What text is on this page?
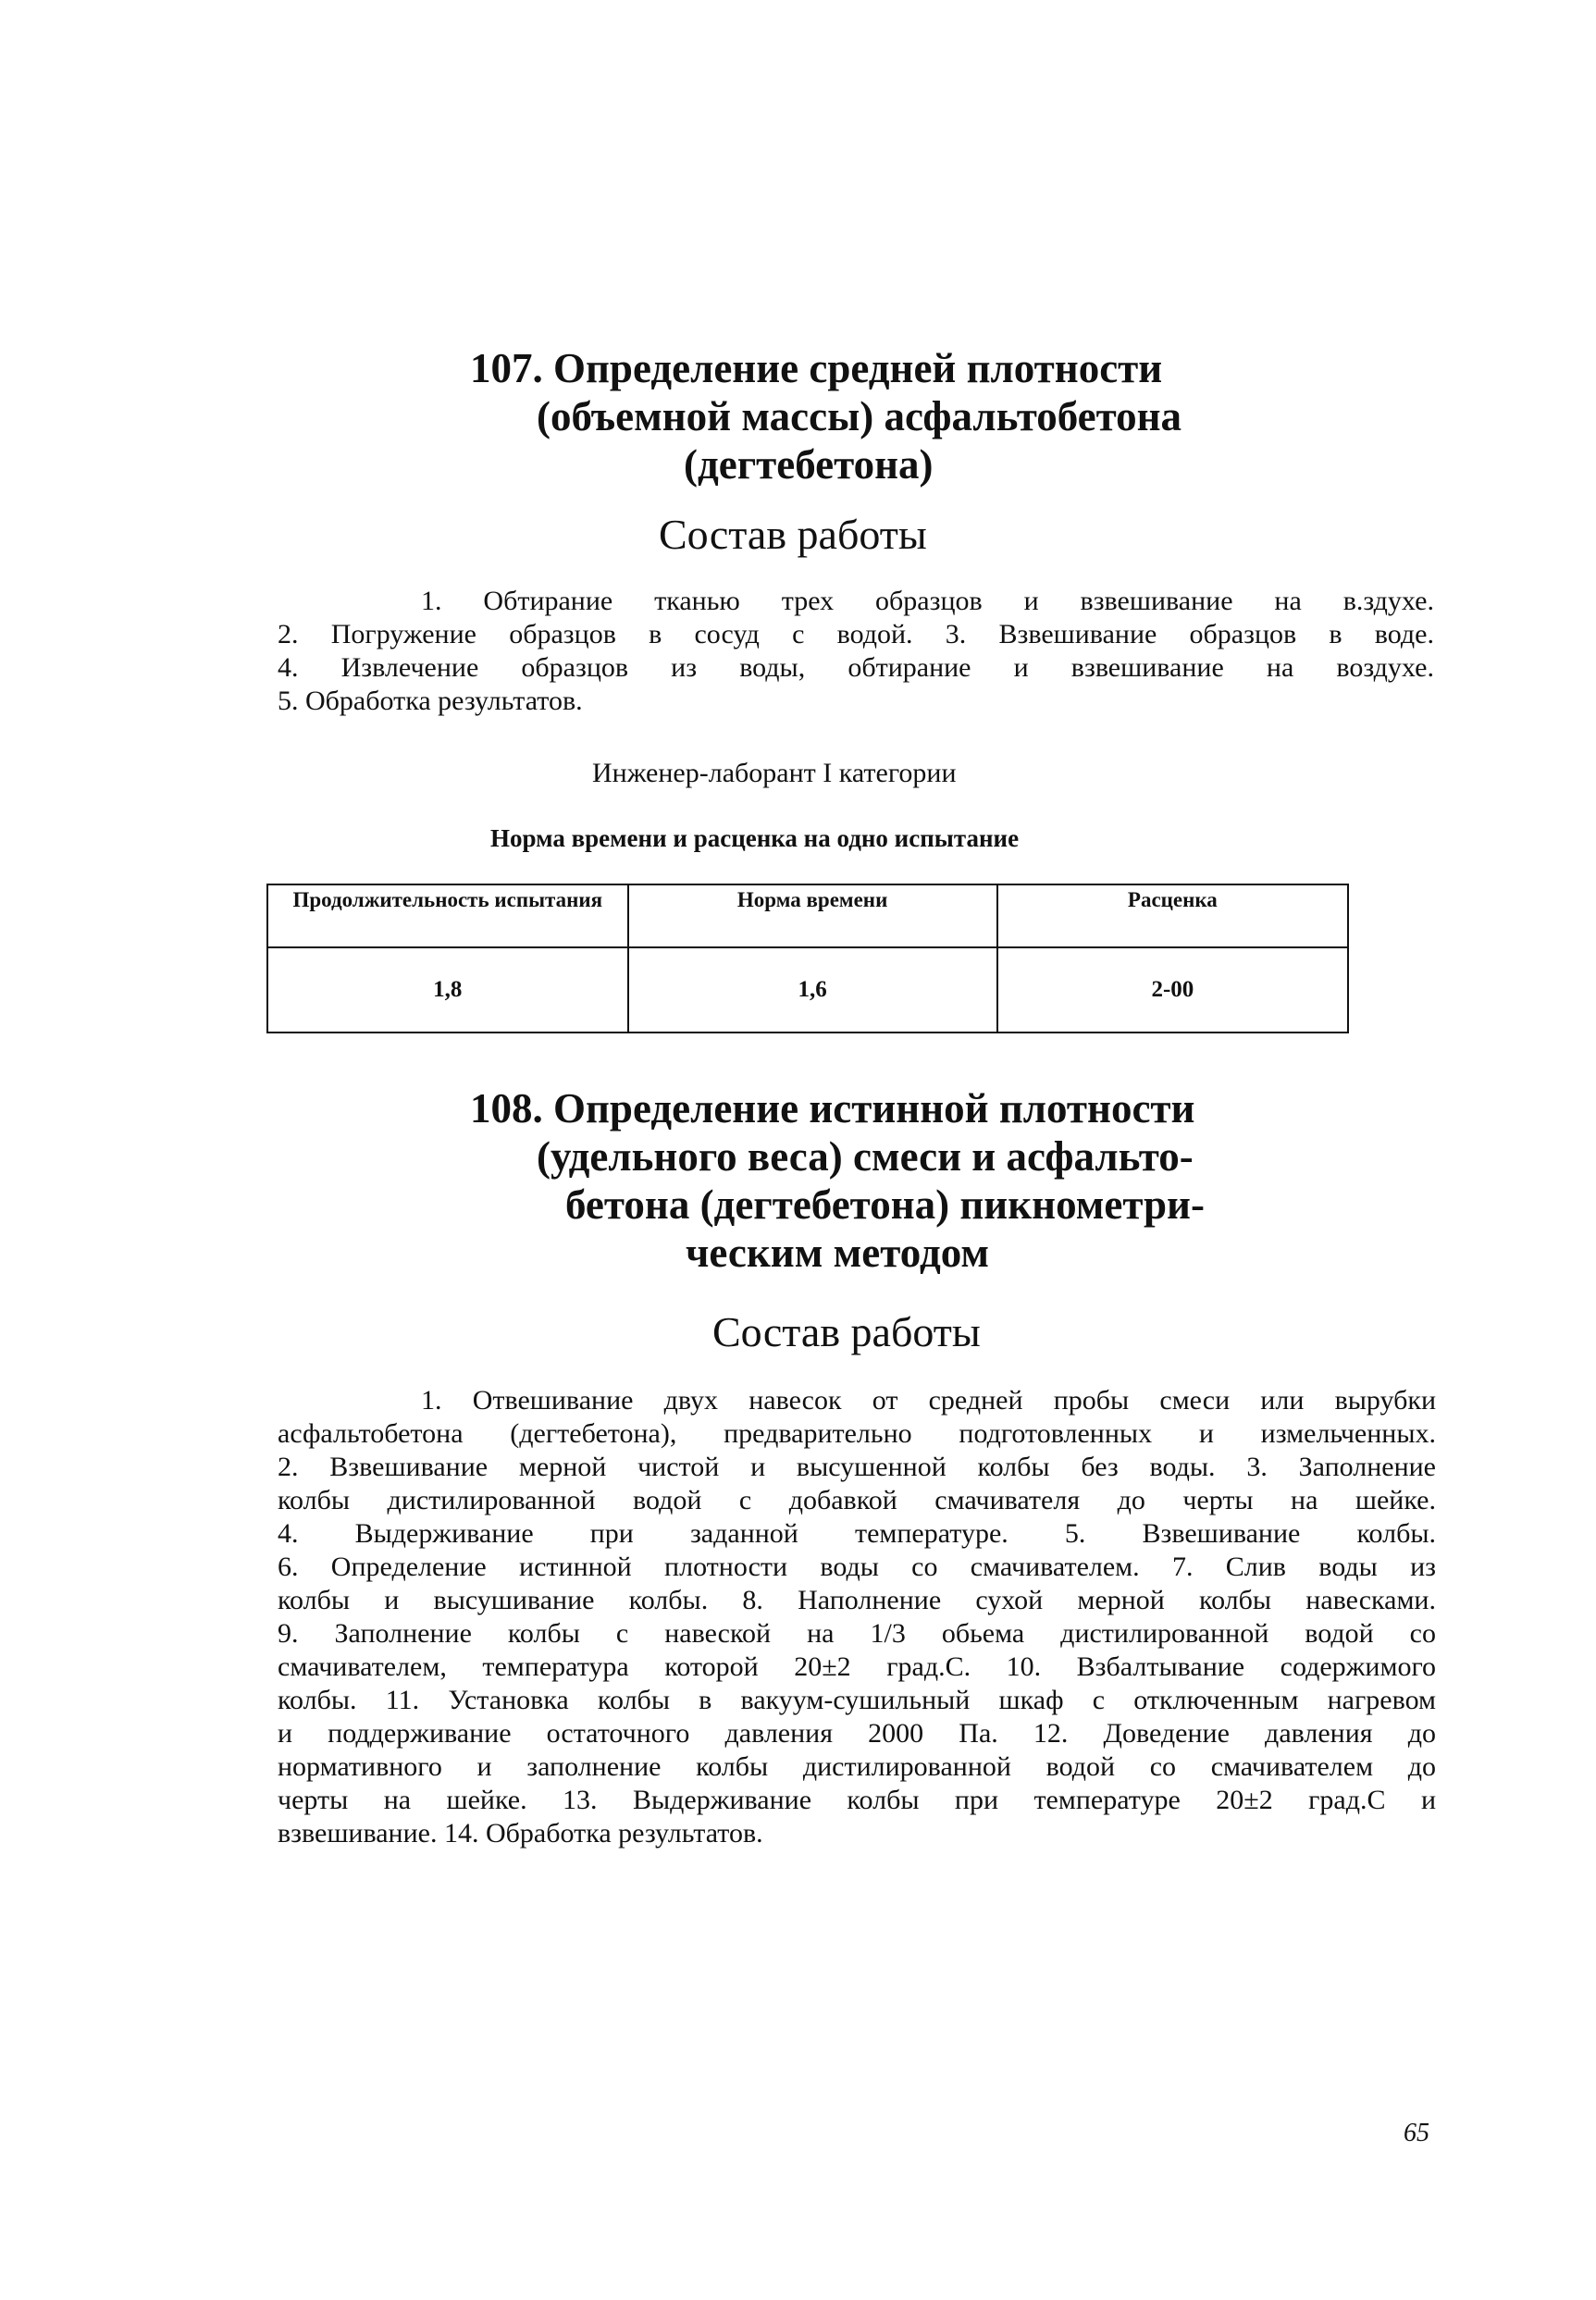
107. Определение средней плотности
(объемной массы) асфальтобетона
(дегтебетона)
Состав работы
1. Обтирание тканью трех образцов и взвешивание на в.здухе.
2. Погружение образцов в сосуд с водой. 3. Взвешивание образцов в воде.
4. Извлечение образцов из воды, обтирание и взвешивание на воздухе.
5. Обработка результатов.
Инженер-лаборант I категории
Норма времени и расценка на одно испытание
Продолжительность испытания	Норма времени	Расценка
1,8	1,6	2-00
108. Определение истинной плотности
(удельного веса) смеси и асфальто-
бетона (дегтебетона) пикнометри-
ческим методом
Состав работы
1. Отвешивание двух навесок от средней пробы смеси или вырубки
асфальтобетона (дегтебетона), предварительно подготовленных и измельченных.
2. Взвешивание мерной чистой и высушенной колбы без воды. 3. Заполнение
колбы дистилированной водой с добавкой смачивателя до черты на шейке.
4. Выдерживание при заданной температуре. 5. Взвешивание колбы.
6. Определение истинной плотности воды со смачивателем. 7. Слив воды из
колбы и высушивание колбы. 8. Наполнение сухой мерной колбы навесками.
9. Заполнение колбы с навеской на 1/3 обьема дистилированной водой со
смачивателем, температура которой 20±2 град.С. 10. Взбалтывание содержимого
колбы. 11. Установка колбы в вакуум-сушильный шкаф с отключенным нагревом
и поддерживание остаточного давления 2000 Па. 12. Доведение давления до
нормативного и заполнение колбы дистилированной водой со смачивателем до
черты на шейке. 13. Выдерживание колбы при температуре 20±2 град.С и
взвешивание. 14. Обработка результатов.
65
